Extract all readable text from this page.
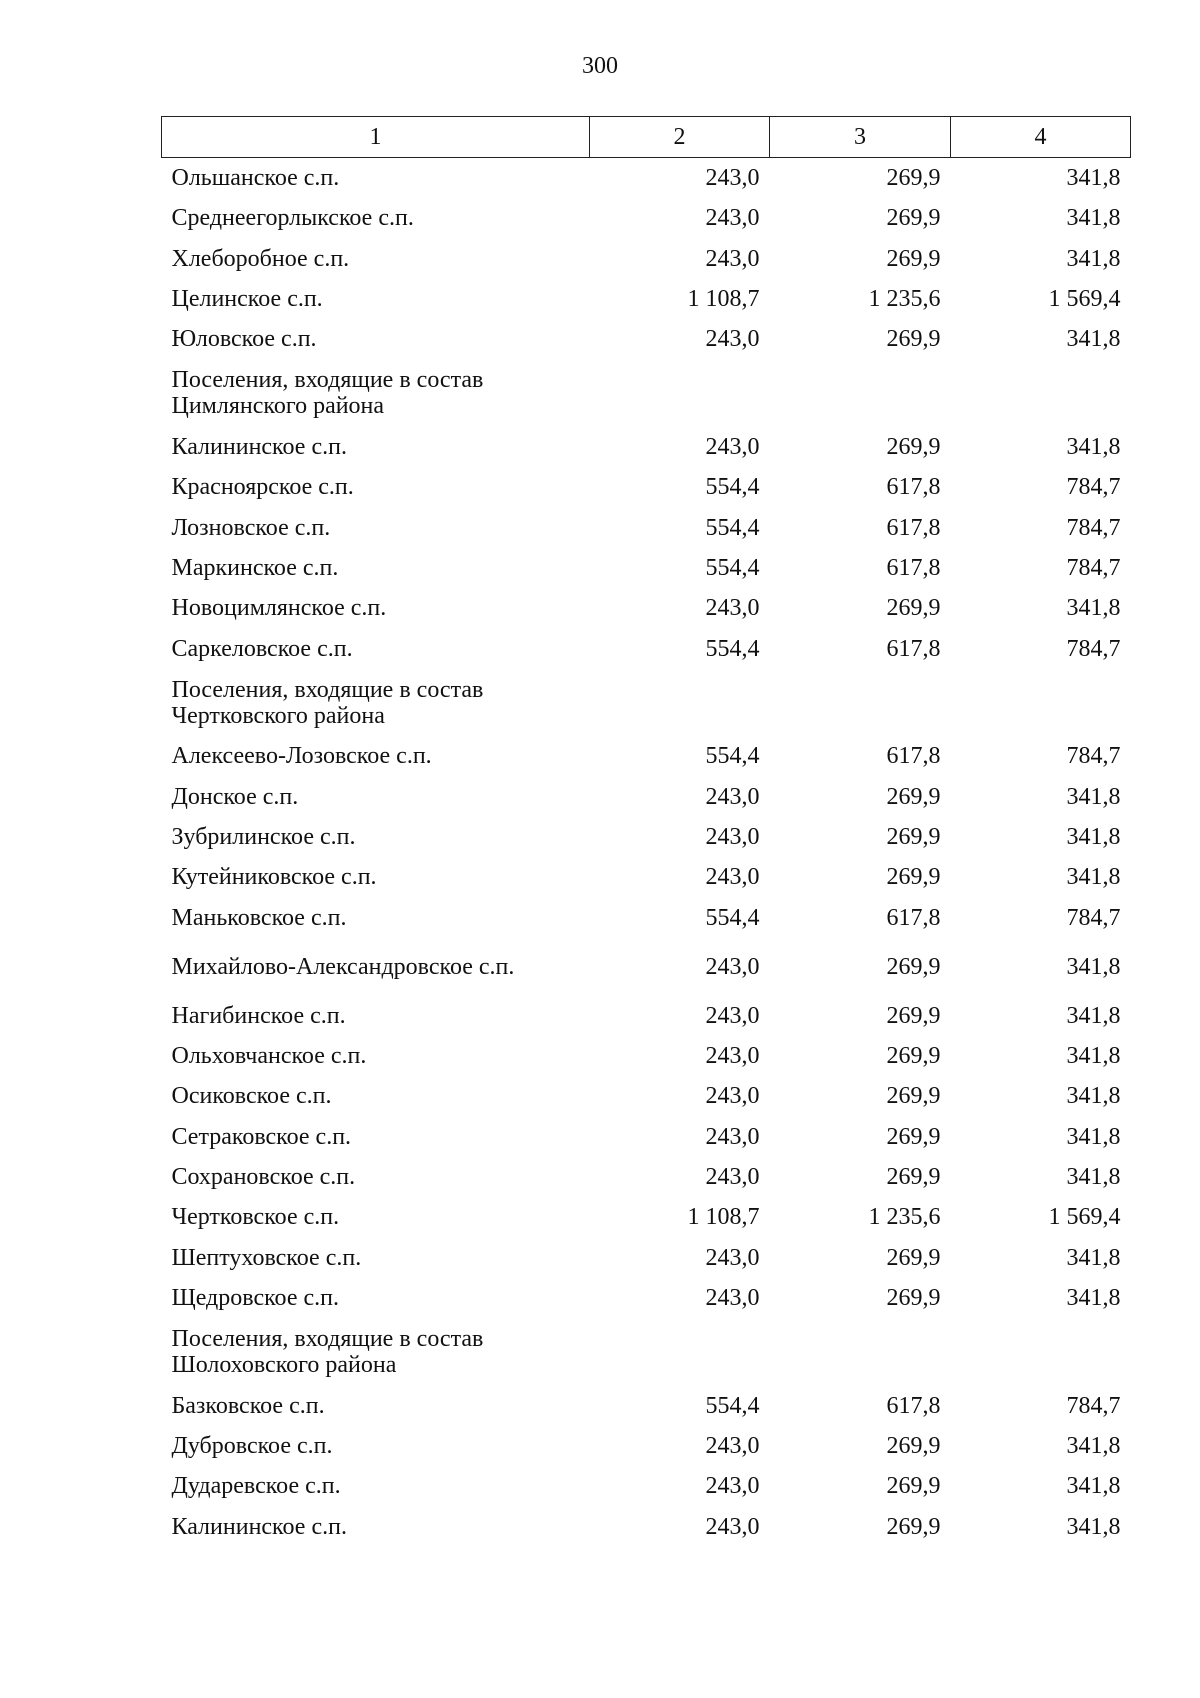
300
1	2	3	4
Ольшанское с.п.	243,0	269,9	341,8
Среднеегорлыкское с.п.	243,0	269,9	341,8
Хлеборобное с.п.	243,0	269,9	341,8
Целинское с.п.	1 108,7	1 235,6	1 569,4
Юловское с.п.	243,0	269,9	341,8
Поселения, входящие в состав Цимлянского района			
Калининское с.п.	243,0	269,9	341,8
Красноярское с.п.	554,4	617,8	784,7
Лозновское с.п.	554,4	617,8	784,7
Маркинское с.п.	554,4	617,8	784,7
Новоцимлянское с.п.	243,0	269,9	341,8
Саркеловское с.п.	554,4	617,8	784,7
Поселения, входящие в состав Чертковского района			
Алексеево-Лозовское с.п.	554,4	617,8	784,7
Донское с.п.	243,0	269,9	341,8
Зубрилинское с.п.	243,0	269,9	341,8
Кутейниковское с.п.	243,0	269,9	341,8
Маньковское с.п.	554,4	617,8	784,7
Михайлово-Александровское с.п.	243,0	269,9	341,8
Нагибинское с.п.	243,0	269,9	341,8
Ольховчанское с.п.	243,0	269,9	341,8
Осиковское с.п.	243,0	269,9	341,8
Сетраковское с.п.	243,0	269,9	341,8
Сохрановское с.п.	243,0	269,9	341,8
Чертковское с.п.	1 108,7	1 235,6	1 569,4
Шептуховское с.п.	243,0	269,9	341,8
Щедровское с.п.	243,0	269,9	341,8
Поселения, входящие в состав Шолоховского района			
Базковское с.п.	554,4	617,8	784,7
Дубровское с.п.	243,0	269,9	341,8
Дударевское с.п.	243,0	269,9	341,8
Калининское с.п.	243,0	269,9	341,8
